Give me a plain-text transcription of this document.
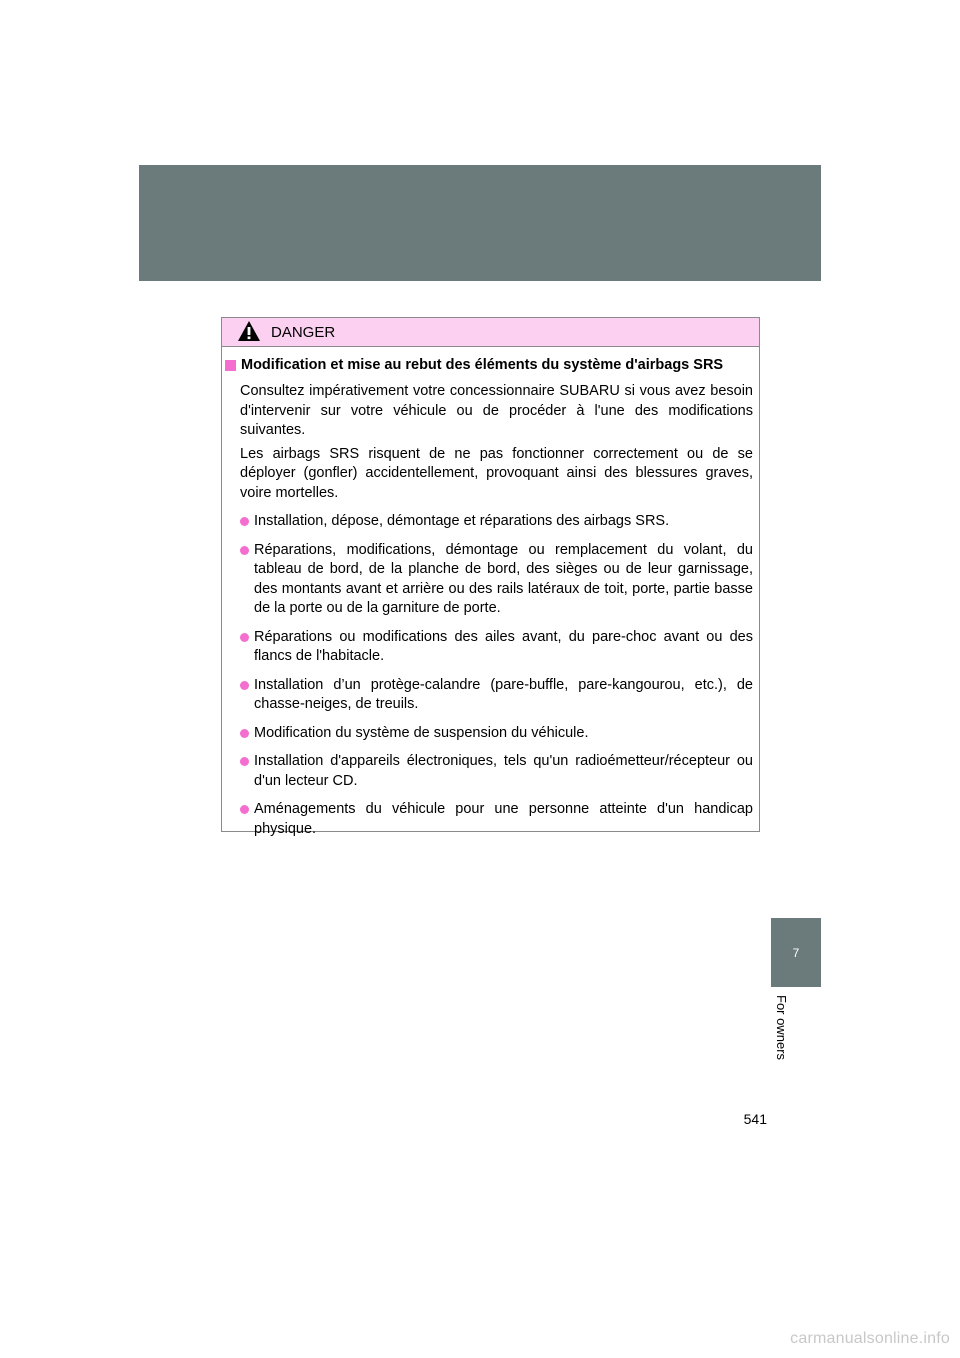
DANGER
Modification et mise au rebut des éléments du système d'airbags SRS

Consultez impérativement votre concessionnaire SUBARU si vous avez besoin d'intervenir sur votre véhicule ou de procéder à l'une des modifications suivantes.

Les airbags SRS risquent de ne pas fonctionner correctement ou de se déployer (gonfler) accidentellement, provoquant ainsi des blessures graves, voire mortelles.

Installation, dépose, démontage et réparations des airbags SRS.
Réparations, modifications, démontage ou remplacement du volant, du tableau de bord, de la planche de bord, des sièges ou de leur garnissage, des montants avant et arrière ou des rails latéraux de toit, porte, partie basse de la porte ou de la garniture de porte.
Réparations ou modifications des ailes avant, du pare-choc avant ou des flancs de l'habitacle.
Installation d’un protège-calandre (pare-buffle, pare-kangourou, etc.), de chasse-neiges, de treuils.
Modification du système de suspension du véhicule.
Installation d'appareils électroniques, tels qu'un radioémetteur/récepteur ou d'un lecteur CD.
Aménagements du véhicule pour une personne atteinte d'un handicap physique.
7
For owners
541
carmanualsonline.info
